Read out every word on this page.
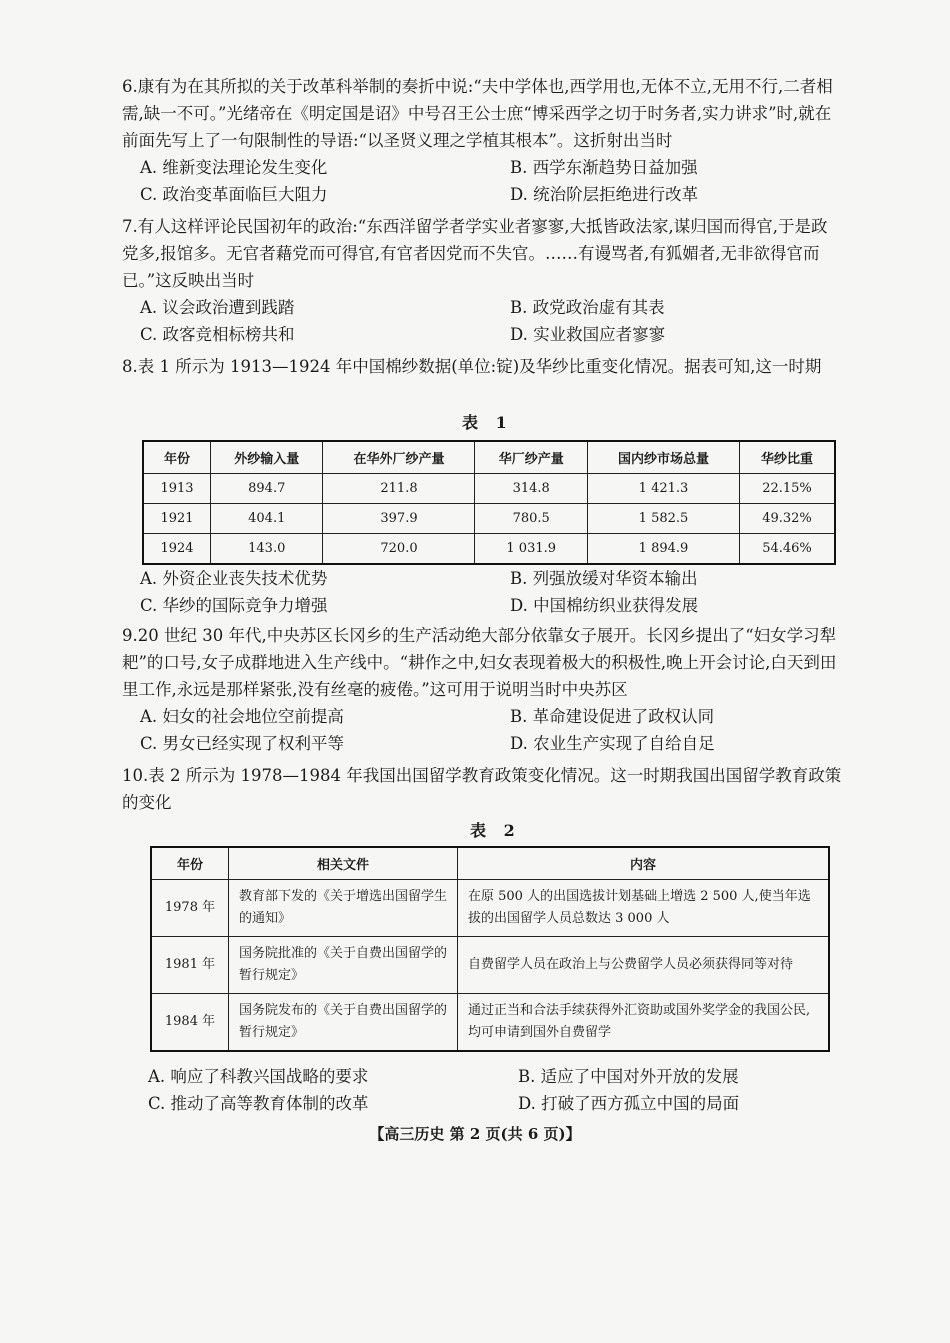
6.康有为在其所拟的关于改革科举制的奏折中说:“夫中学体也,西学用也,无体不立,无用不行,二者相需,缺一不可。”光绪帝在《明定国是诏》中号召王公士庶“博采西学之切于时务者,实力讲求”时,就在前面先写上了一句限制性的导语:“以圣贤义理之学植其根本”。这折射出当时

A. 维新变法理论发生变化	B. 西学东渐趋势日益加强
C. 政治变革面临巨大阻力	D. 统治阶层拒绝进行改革

7.有人这样评论民国初年的政治:“东西洋留学者学实业者寥寥,大抵皆政法家,谋归国而得官,于是政党多,报馆多。无官者藉党而可得官,有官者因党而不失官。……有谩骂者,有狐媚者,无非欲得官而已。”这反映出当时

A. 议会政治遭到践踏	B. 政党政治虚有其表
C. 政客竞相标榜共和	D. 实业救国应者寥寥

8.表 1 所示为 1913—1924 年中国棉纱数据(单位:锭)及华纱比重变化情况。据表可知,这一时期

表 1
年份	外纱输入量	在华外厂纱产量	华厂纱产量	国内纱市场总量	华纱比重
1913	894.7	211.8	314.8	1 421.3	22.15%
1921	404.1	397.9	780.5	1 582.5	49.32%
1924	143.0	720.0	1 031.9	1 894.9	54.46%
A. 外资企业丧失技术优势	B. 列强放缓对华资本输出
C. 华纱的国际竞争力增强	D. 中国棉纺织业获得发展

9.20 世纪 30 年代,中央苏区长冈乡的生产活动绝大部分依靠女子展开。长冈乡提出了“妇女学习犁耙”的口号,女子成群地进入生产线中。“耕作之中,妇女表现着极大的积极性,晚上开会讨论,白天到田里工作,永远是那样紧张,没有丝毫的疲倦。”这可用于说明当时中央苏区

A. 妇女的社会地位空前提高	B. 革命建设促进了政权认同
C. 男女已经实现了权利平等	D. 农业生产实现了自给自足

10.表 2 所示为 1978—1984 年我国出国留学教育政策变化情况。这一时期我国出国留学教育政策的变化

表 2
年份	相关文件	内容
1978 年	教育部下发的《关于增选出国留学生的通知》	在原 500 人的出国选拔计划基础上增选 2 500 人,使当年选拔的出国留学人员总数达 3 000 人
1981 年	国务院批准的《关于自费出国留学的暂行规定》	自费留学人员在政治上与公费留学人员必须获得同等对待
1984 年	国务院发布的《关于自费出国留学的暂行规定》	通过正当和合法手续获得外汇资助或国外奖学金的我国公民,均可申请到国外自费留学
A. 响应了科教兴国战略的要求	B. 适应了中国对外开放的发展
C. 推动了高等教育体制的改革	D. 打破了西方孤立中国的局面
【高三历史 第 2 页(共 6 页)】
